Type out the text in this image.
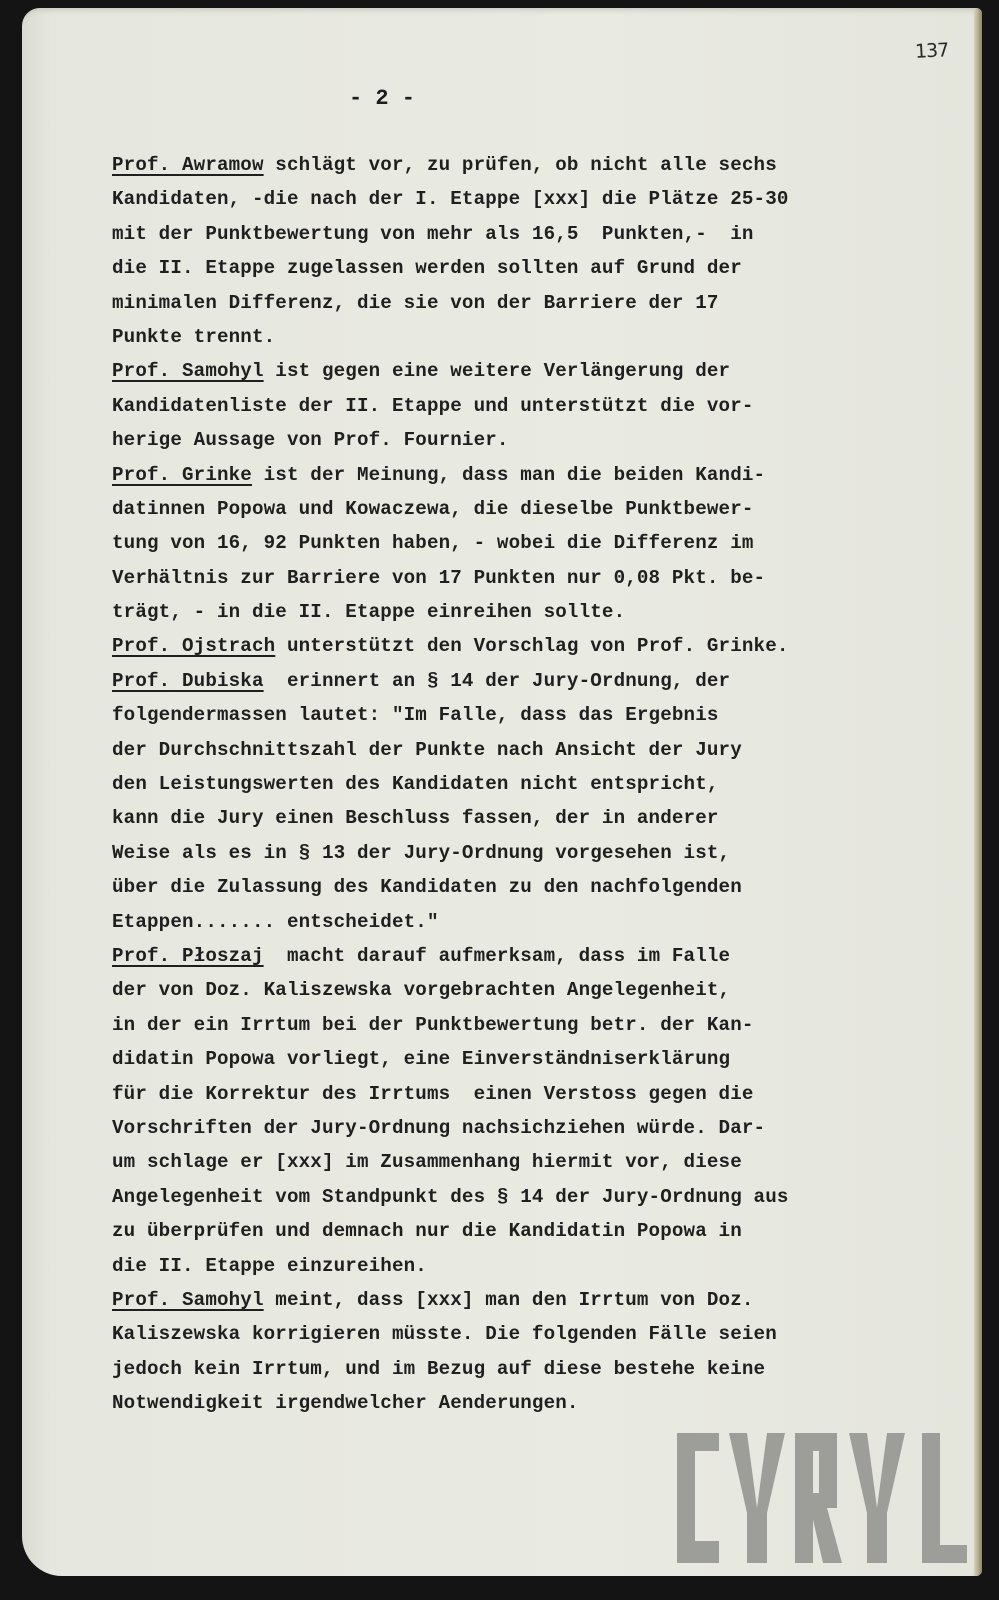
137
- 2 -
Prof. Awramow schlägt vor, zu prüfen, ob nicht alle sechs
Kandidaten, -die nach der I. Etappe [xxx] die Plätze 25-30
mit der Punktbewertung von mehr als 16,5  Punkten,-  in
die II. Etappe zugelassen werden sollten auf Grund der
minimalen Differenz, die sie von der Barriere der 17
Punkte trennt.
Prof. Samohyl ist gegen eine weitere Verlängerung der
Kandidatenliste der II. Etappe und unterstützt die vor-
herige Aussage von Prof. Fournier.
Prof. Grinke ist der Meinung, dass man die beiden Kandi-
datinnen Popowa und Kowaczewa, die dieselbe Punktbewer-
tung von 16, 92 Punkten haben, - wobei die Differenz im
Verhältnis zur Barriere von 17 Punkten nur 0,08 Pkt. be-
trägt, - in die II. Etappe einreihen sollte.
Prof. Ojstrach unterstützt den Vorschlag von Prof. Grinke.
Prof. Dubiska  erinnert an § 14 der Jury-Ordnung, der
folgendermassen lautet: "Im Falle, dass das Ergebnis
der Durchschnittszahl der Punkte nach Ansicht der Jury
den Leistungswerten des Kandidaten nicht entspricht,
kann die Jury einen Beschluss fassen, der in anderer
Weise als es in § 13 der Jury-Ordnung vorgesehen ist,
über die Zulassung des Kandidaten zu den nachfolgenden
Etappen....... entscheidet."
Prof. Płoszaj  macht darauf aufmerksam, dass im Falle
der von Doz. Kaliszewska vorgebrachten Angelegenheit,
in der ein Irrtum bei der Punktbewertung betr. der Kan-
didatin Popowa vorliegt, eine Einverständniserklärung
für die Korrektur des Irrtums  einen Verstoss gegen die
Vorschriften der Jury-Ordnung nachsichziehen würde. Dar-
um schlage er [xxx] im Zusammenhang hiermit vor, diese
Angelegenheit vom Standpunkt des § 14 der Jury-Ordnung aus
zu überprüfen und demnach nur die Kandidatin Popowa in
die II. Etappe einzureihen.
Prof. Samohyl meint, dass [xxx] man den Irrtum von Doz.
Kaliszewska korrigieren müsste. Die folgenden Fälle seien
jedoch kein Irrtum, und im Bezug auf diese bestehe keine
Notwendigkeit irgendwelcher Aenderungen.
